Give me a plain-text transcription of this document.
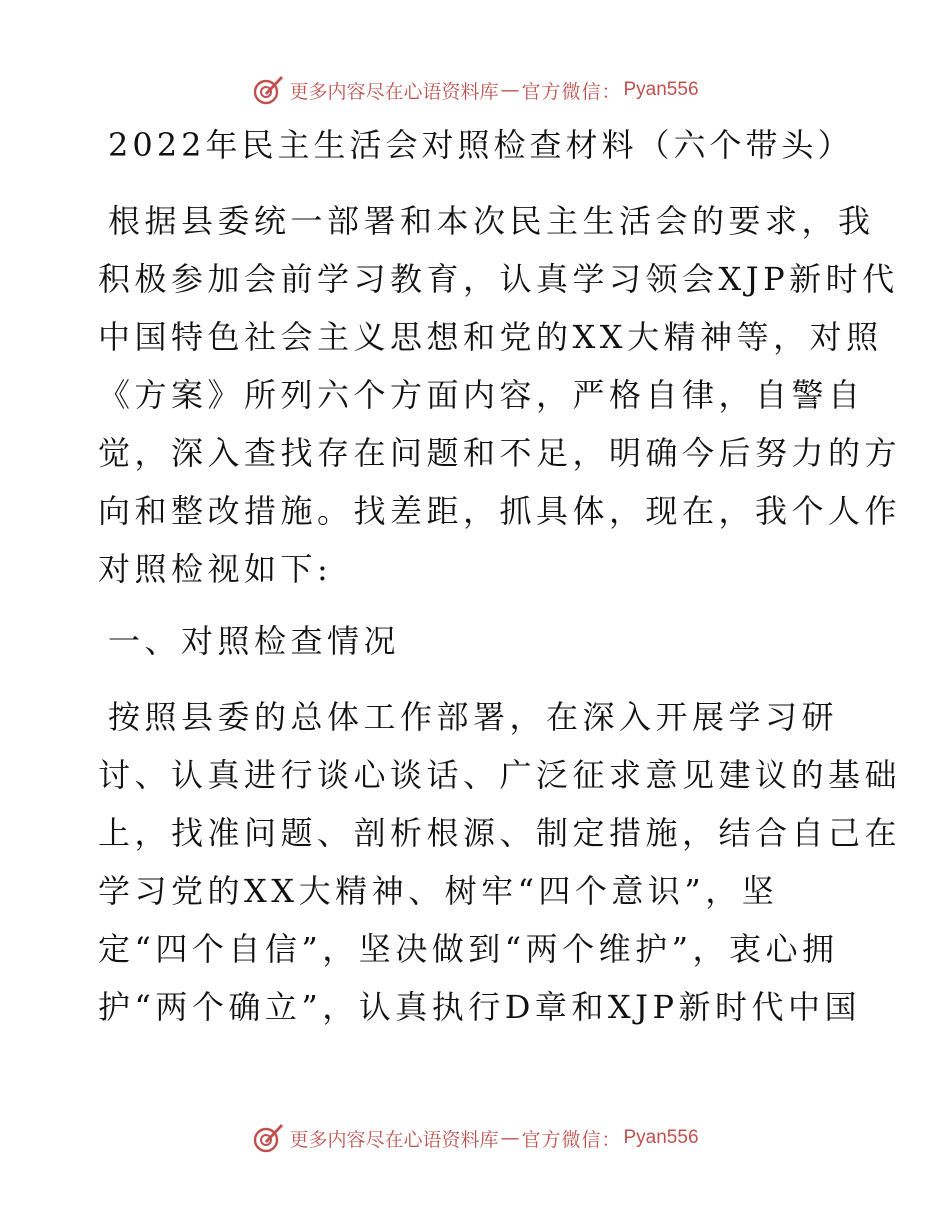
更多内容尽在心语资料库 — 官方微信： Pyan556
2022年民主生活会对照检查材料（六个带头）
根据县委统一部署和本次民主生活会的要求，我
积极参加会前学习教育，认真学习领会XJP新时代
中国特色社会主义思想和党的XX大精神等，对照
《方案》所列六个方面内容，严格自律，自警自
觉，深入查找存在问题和不足，明确今后努力的方
向和整改措施。找差距，抓具体，现在，我个人作
对照检视如下:
一、对照检查情况
按照县委的总体工作部署，在深入开展学习研
讨、认真进行谈心谈话、广泛征求意见建议的基础
上，找准问题、剖析根源、制定措施，结合自己在
学习党的XX大精神、树牢“四个意识”，坚
定“四个自信”，坚决做到“两个维护”，衷心拥
护“两个确立”，认真执行D章和XJP新时代中国
更多内容尽在心语资料库 — 官方微信： Pyan556
